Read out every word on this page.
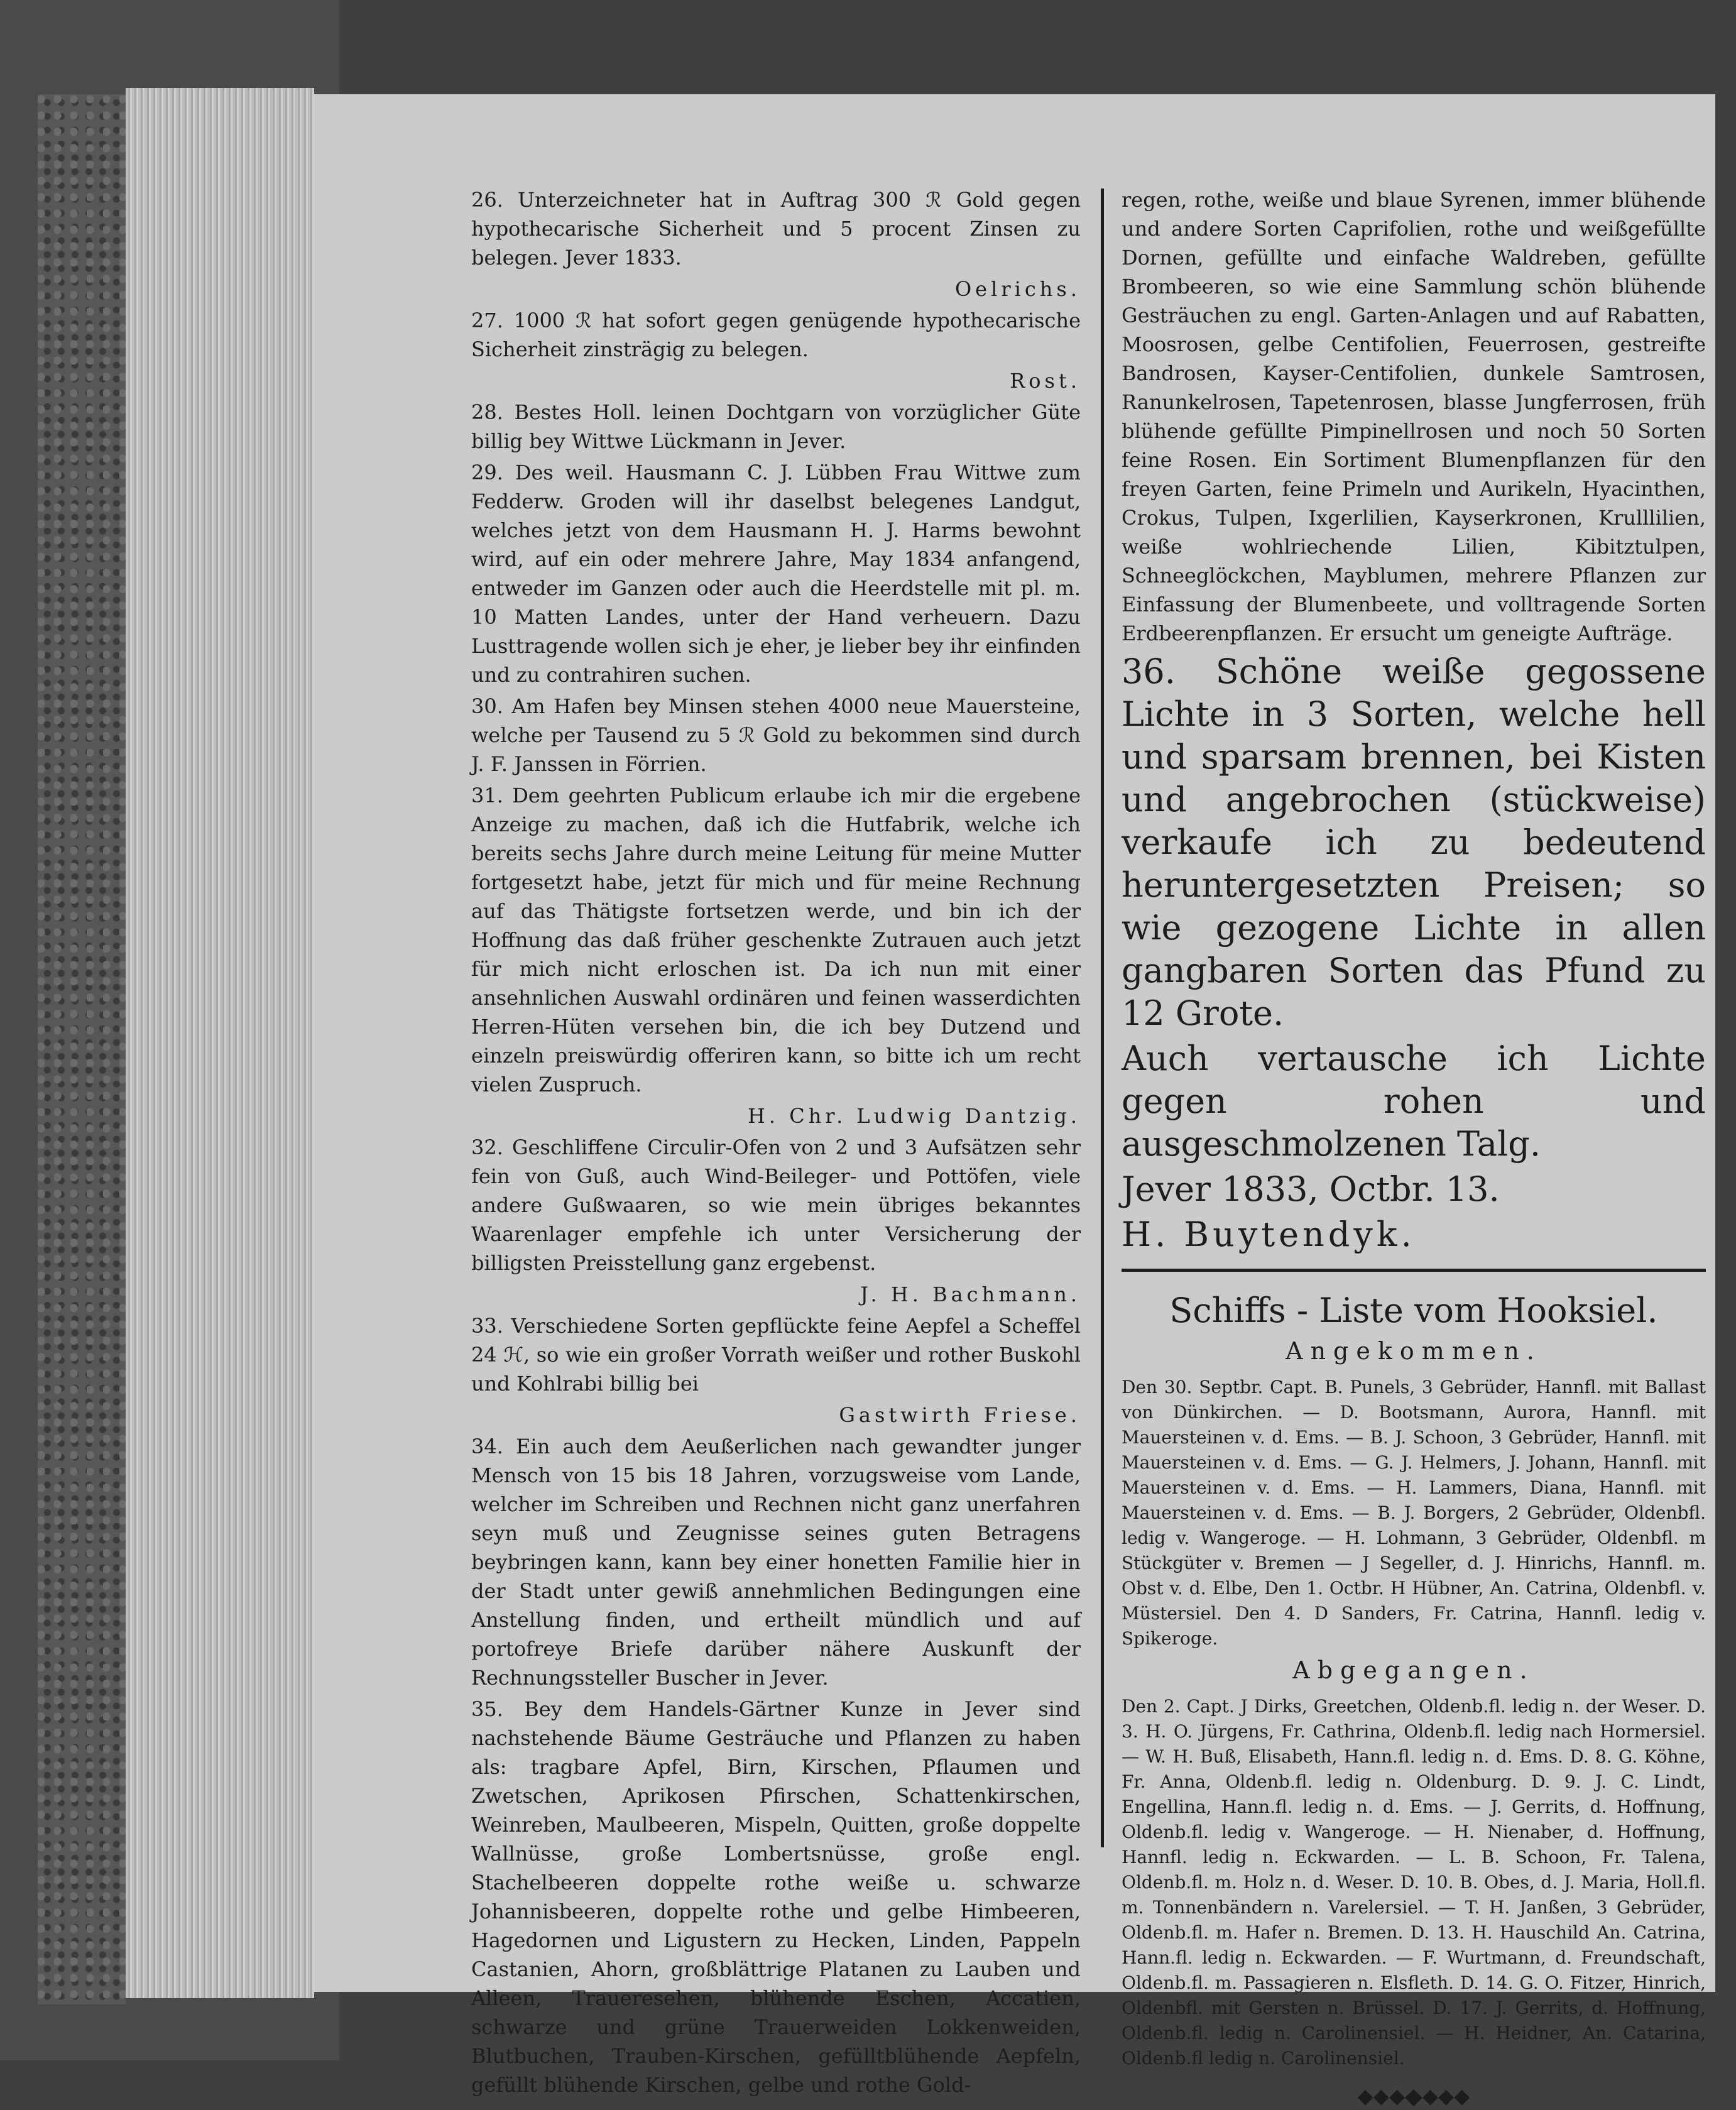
26. Unterzeichneter hat in Auftrag 300 ℛ Gold gegen hypothecarische Sicherheit und 5 procent Zinsen zu belegen. Jever 1833.

Oelrichs.

27. 1000 ℛ hat sofort gegen genügende hypothecarische Sicherheit zinsträgig zu belegen.

Rost.

28. Bestes Holl. leinen Dochtgarn von vorzüglicher Güte billig bey Wittwe Lückmann in Jever.

29. Des weil. Hausmann C. J. Lübben Frau Wittwe zum Fedderw. Groden will ihr daselbst belegenes Landgut, welches jetzt von dem Hausmann H. J. Harms bewohnt wird, auf ein oder mehrere Jahre, May 1834 anfangend, entweder im Ganzen oder auch die Heerdstelle mit pl. m. 10 Matten Landes, unter der Hand verheuern. Dazu Lusttragende wollen sich je eher, je lieber bey ihr einfinden und zu contrahiren suchen.

30. Am Hafen bey Minsen stehen 4000 neue Mauersteine, welche per Tausend zu 5 ℛ Gold zu bekommen sind durch J. F. Janssen in Förrien.

31. Dem geehrten Publicum erlaube ich mir die ergebene Anzeige zu machen, daß ich die Hutfabrik, welche ich bereits sechs Jahre durch meine Leitung für meine Mutter fortgesetzt habe, jetzt für mich und für meine Rechnung auf das Thätigste fortsetzen werde, und bin ich der Hoffnung das daß früher geschenkte Zutrauen auch jetzt für mich nicht erloschen ist. Da ich nun mit einer ansehnlichen Auswahl ordinären und feinen wasserdichten Herren-Hüten versehen bin, die ich bey Dutzend und einzeln preiswürdig offeriren kann, so bitte ich um recht vielen Zuspruch.

H. Chr. Ludwig Dantzig.

32. Geschliffene Circulir-Ofen von 2 und 3 Aufsätzen sehr fein von Guß, auch Wind-Beileger- und Pottöfen, viele andere Gußwaaren, so wie mein übriges bekanntes Waarenlager empfehle ich unter Versicherung der billigsten Preisstellung ganz ergebenst.

J. H. Bachmann.

33. Verschiedene Sorten gepflückte feine Aepfel a Scheffel 24 ℋ, so wie ein großer Vorrath weißer und rother Buskohl und Kohlrabi billig bei

Gastwirth Friese.

34. Ein auch dem Aeußerlichen nach gewandter junger Mensch von 15 bis 18 Jahren, vorzugsweise vom Lande, welcher im Schreiben und Rechnen nicht ganz unerfahren seyn muß und Zeugnisse seines guten Betragens beybringen kann, kann bey einer honetten Familie hier in der Stadt unter gewiß annehmlichen Bedingungen eine Anstellung finden, und ertheilt mündlich und auf portofreye Briefe darüber nähere Auskunft der Rechnungssteller Buscher in Jever.

35. Bey dem Handels-Gärtner Kunze in Jever sind nachstehende Bäume Gesträuche und Pflanzen zu haben als: tragbare Apfel, Birn, Kirschen, Pflaumen und Zwetschen, Aprikosen Pfirschen, Schattenkirschen, Weinreben, Maulbeeren, Mispeln, Quitten, große doppelte Wallnüsse, große Lombertsnüsse, große engl. Stachelbeeren doppelte rothe weiße u. schwarze Johannisbeeren, doppelte rothe und gelbe Himbeeren, Hagedornen und Ligustern zu Hecken, Linden, Pappeln Castanien, Ahorn, großblättrige Platanen zu Lauben und Alleen, Traueresehen, blühende Eschen, Accatien, schwarze und grüne Trauerweiden Lokkenweiden, Blutbuchen, Trauben-Kirschen, gefülltblühende Aepfeln, gefüllt blühende Kirschen, gelbe und rothe Gold-

regen, rothe, weiße und blaue Syrenen, immer blühende und andere Sorten Caprifolien, rothe und weißgefüllte Dornen, gefüllte und einfache Waldreben, gefüllte Brombeeren, so wie eine Sammlung schön blühende Gesträuchen zu engl. Garten-Anlagen und auf Rabatten, Moosrosen, gelbe Centifolien, Feuerrosen, gestreifte Bandrosen, Kayser-Centifolien, dunkele Samtrosen, Ranunkelrosen, Tapetenrosen, blasse Jungferrosen, früh blühende gefüllte Pimpinellrosen und noch 50 Sorten feine Rosen. Ein Sortiment Blumenpflanzen für den freyen Garten, feine Primeln und Aurikeln, Hyacinthen, Crokus, Tulpen, Ixgerlilien, Kayserkronen, Krulllilien, weiße wohlriechende Lilien, Kibitztulpen, Schneeglöckchen, Mayblumen, mehrere Pflanzen zur Einfassung der Blumenbeete, und volltragende Sorten Erdbeerenpflanzen. Er ersucht um geneigte Aufträge.

36. Schöne weiße gegossene Lichte in 3 Sorten, welche hell und sparsam brennen, bei Kisten und angebrochen (stückweise) verkaufe ich zu bedeutend heruntergesetzten Preisen; so wie gezogene Lichte in allen gangbaren Sorten das Pfund zu 12 Grote.

Auch vertausche ich Lichte gegen rohen und ausgeschmolzenen Talg.

Jever 1833, Octbr. 13.

H. Buytendyk.

Schiffs - Liste vom Hooksiel.
Angekommen.

Den 30. Septbr. Capt. B. Punels, 3 Gebrüder, Hannfl. mit Ballast von Dünkirchen. — D. Bootsmann, Aurora, Hannfl. mit Mauersteinen v. d. Ems. — B. J. Schoon, 3 Gebrüder, Hannfl. mit Mauersteinen v. d. Ems. — G. J. Helmers, J. Johann, Hannfl. mit Mauersteinen v. d. Ems. — H. Lammers, Diana, Hannfl. mit Mauersteinen v. d. Ems. — B. J. Borgers, 2 Gebrüder, Oldenbfl. ledig v. Wangeroge. — H. Lohmann, 3 Gebrüder, Oldenbfl. m Stückgüter v. Bremen — J Segeller, d. J. Hinrichs, Hannfl. m. Obst v. d. Elbe, Den 1. Octbr. H Hübner, An. Catrina, Oldenbfl. v. Müstersiel. Den 4. D Sanders, Fr. Catrina, Hannfl. ledig v. Spikeroge.

Abgegangen.

Den 2. Capt. J Dirks, Greetchen, Oldenb.fl. ledig n. der Weser. D. 3. H. O. Jürgens, Fr. Cathrina, Oldenb.fl. ledig nach Hormersiel. — W. H. Buß, Elisabeth, Hann.fl. ledig n. d. Ems. D. 8. G. Köhne, Fr. Anna, Oldenb.fl. ledig n. Oldenburg. D. 9. J. C. Lindt, Engellina, Hann.fl. ledig n. d. Ems. — J. Gerrits, d. Hoffnung, Oldenb.fl. ledig v. Wangeroge. — H. Nienaber, d. Hoffnung, Hannfl. ledig n. Eckwarden. — L. B. Schoon, Fr. Talena, Oldenb.fl. m. Holz n. d. Weser. D. 10. B. Obes, d. J. Maria, Holl.fl. m. Tonnenbändern n. Varelersiel. — T. H. Janßen, 3 Gebrüder, Oldenb.fl. m. Hafer n. Bremen. D. 13. H. Hauschild An. Catrina, Hann.fl. ledig n. Eckwarden. — F. Wurtmann, d. Freundschaft, Oldenb.fl. m. Passagieren n. Elsfleth. D. 14. G. O. Fitzer, Hinrich, Oldenbfl. mit Gersten n. Brüssel. D. 17. J. Gerrits, d. Hoffnung, Oldenb.fl. ledig n. Carolinensiel. — H. Heidner, An. Catarina, Oldenb.fl ledig n. Carolinensiel.

⬥⬥⬥◆⬥⬥⬥
